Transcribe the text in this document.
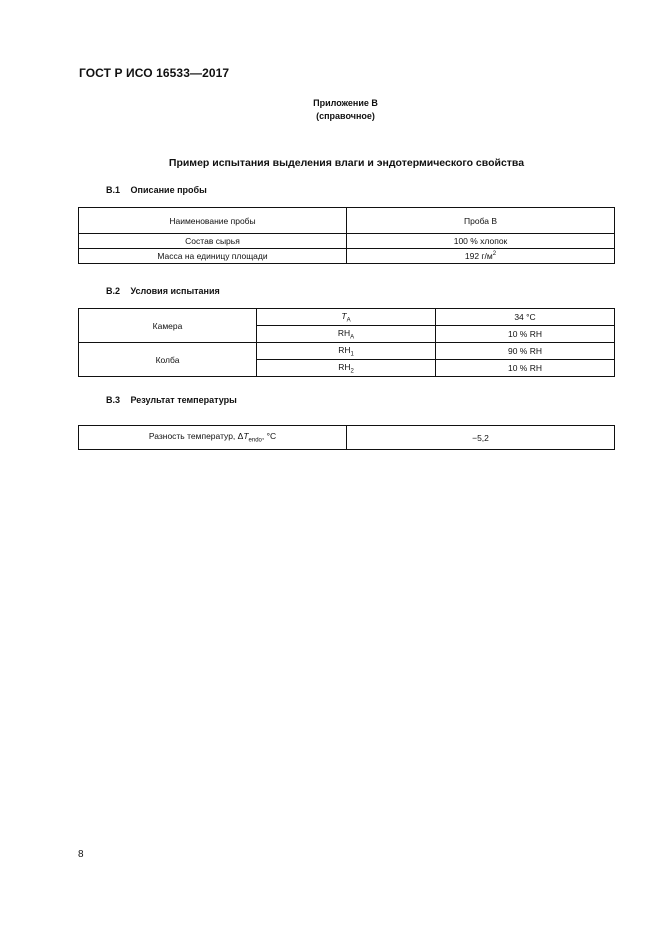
ГОСТ Р ИСО 16533—2017
Приложение В
(справочное)
Пример испытания выделения влаги и эндотермического свойства
В.1 Описание пробы
Наименование пробы	Проба В
Состав сырья	100 % хлопок
Масса на единицу площади	192 $г/м^2$
В.2 Условия испытания
Камера	$T_A$	34 °C
	$RH_A$	10 % RH
Колба	$RH_1$	90 % RH
	$RH_2$	10 % RH
В.3 Результат температуры
Разность температур, $\Delta T_{endo}$, °C	−5,2
8
